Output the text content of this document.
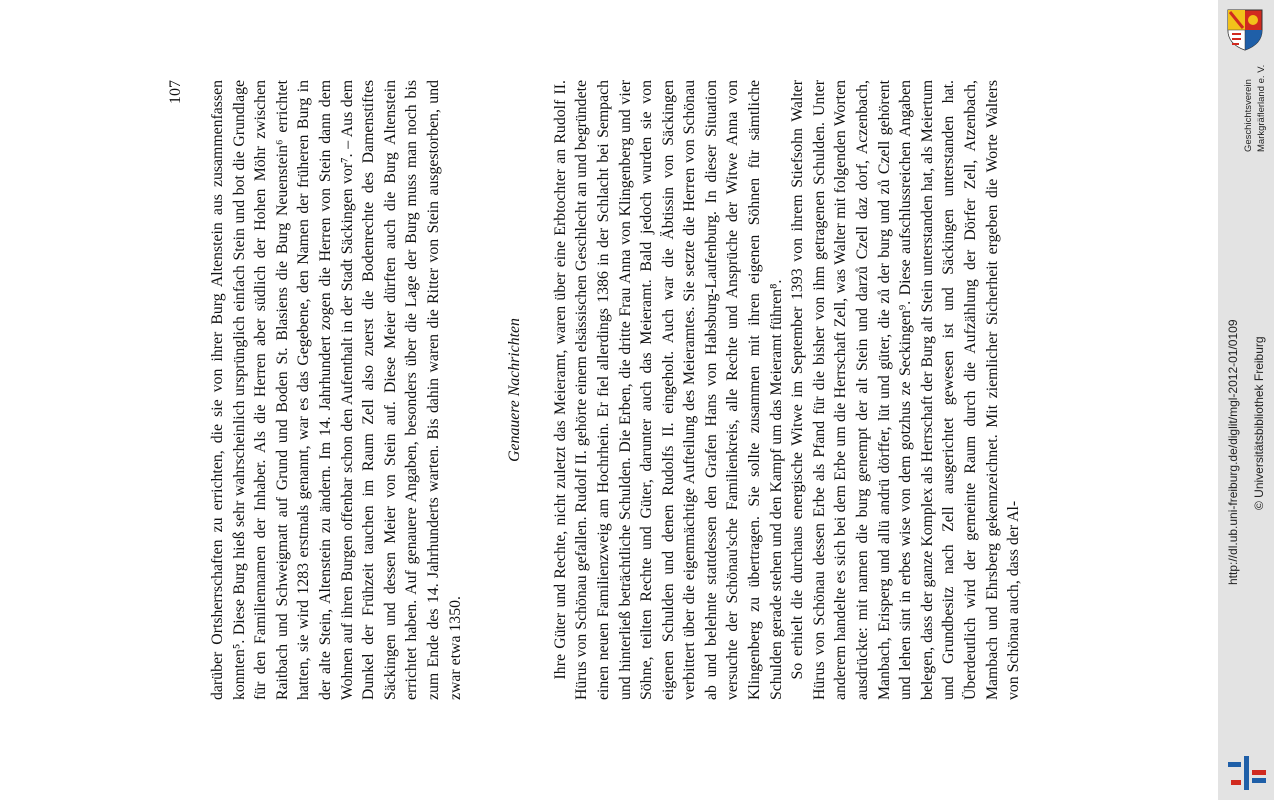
107 darüber Ortsherrschaften zu errichten, die sie von ihrer Burg Altenstein aus zusammenfassen konnten⁵. Diese Burg hieß sehr wahrscheinlich ursprünglich einfach Stein und bot die Grundlage für den Familiennamen der Inhaber. Als die Herren aber südlich der Hohen Möhr zwischen Raitbach und Schweigmatt auf Grund und Boden St. Blasiens die Burg Neuenstein⁶ errichtet hatten, sie wird 1283 erstmals genannt, war es das Gegebene, den Namen der früheren Burg in der alte Stein, Altenstein zu ändern. Im 14. Jahrhundert zogen die Herren von Stein dann dem Wohnen auf ihren Burgen offenbar schon den Aufenthalt in der Stadt Säckingen vor⁷. – Aus dem Dunkel der Frühzeit tauchen im Raum Zell also zuerst die Bodenrechte des Damenstiftes Säckingen und dessen Meier von Stein auf. Diese Meier dürften auch die Burg Altenstein errichtet haben. Auf genauere Angaben, besonders über die Lage der Burg muss man noch bis zum Ende des 14. Jahrhunderts warten. Bis dahin waren die Ritter von Stein ausgestorben, und zwar etwa 1350.

Genauere Nachrichten Ihre Güter und Rechte, nicht zuletzt das Meieramt, waren über eine Erbtochter an Rudolf II. Hürus von Schönau gefallen. Rudolf II. gehörte einem elsässischen Geschlecht an und begründete einen neuen Familienzweig am Hochrhein. Er fiel allerdings 1386 in der Schlacht bei Sempach und hinterließ beträchtliche Schulden. Die Erben, die dritte Frau Anna von Klingenberg und vier Söhne, teilten Rechte und Güter, darunter auch das Meieramt. Bald jedoch wurden sie von eigenen Schulden und denen Rudolfs II. eingeholt. Auch war die Äbtissin von Säckingen verbittert über die eigenmächtige Aufteilung des Meieramtes. Sie setzte die Herren von Schönau ab und belehnte stattdessen den Grafen Hans von Habsburg-Laufenburg. In dieser Situation versuchte der Schönau'sche Familienkreis, alle Rechte und Ansprüche der Witwe Anna von Klingenberg zu übertragen. Sie sollte zusammen mit ihren eigenen Söhnen für sämtliche Schulden gerade stehen und den Kampf um das Meieramt führen⁸. So erhielt die durchaus energische Witwe im September 1393 von ihrem Stiefsohn Walter Hürus von Schönau dessen Erbe als Pfand für die bisher von ihm getragenen Schulden. Unter anderem handelte es sich bei dem Erbe um die Herrschaft Zell, was Walter mit folgenden Worten ausdrückte: mit namen die burg genempt der alt Stein und darzů Czell daz dorf, Aczenbach, Manbach, Erisperg und allü andrü dörffer, lüt und güter, die zů der burg und zů Czell gehörent und lehen sint in erbes wise von dem gotzhus ze Seckingen⁹. Diese aufschlussreichen Angaben belegen, dass der ganze Komplex als Herrschaft der Burg alt Stein unterstanden hat, als Meiertum und Grundbesitz nach Zell ausgerichtet gewesen ist und Säckingen unterstanden hat. Überdeutlich wird der gemeinte Raum durch die Aufzählung der Dörfer Zell, Atzenbach, Mambach und Ehrsberg gekennzeichnet. Mit ziemlicher Sicherheit ergeben die Worte Walters von Schönau auch, dass der Al-

Geschichtsverein Markgräflerland e. V.
http://dl.ub.uni-freiburg.de/diglit/mgl-2012-01/0109 © Universitätsbibliothek Freiburg
